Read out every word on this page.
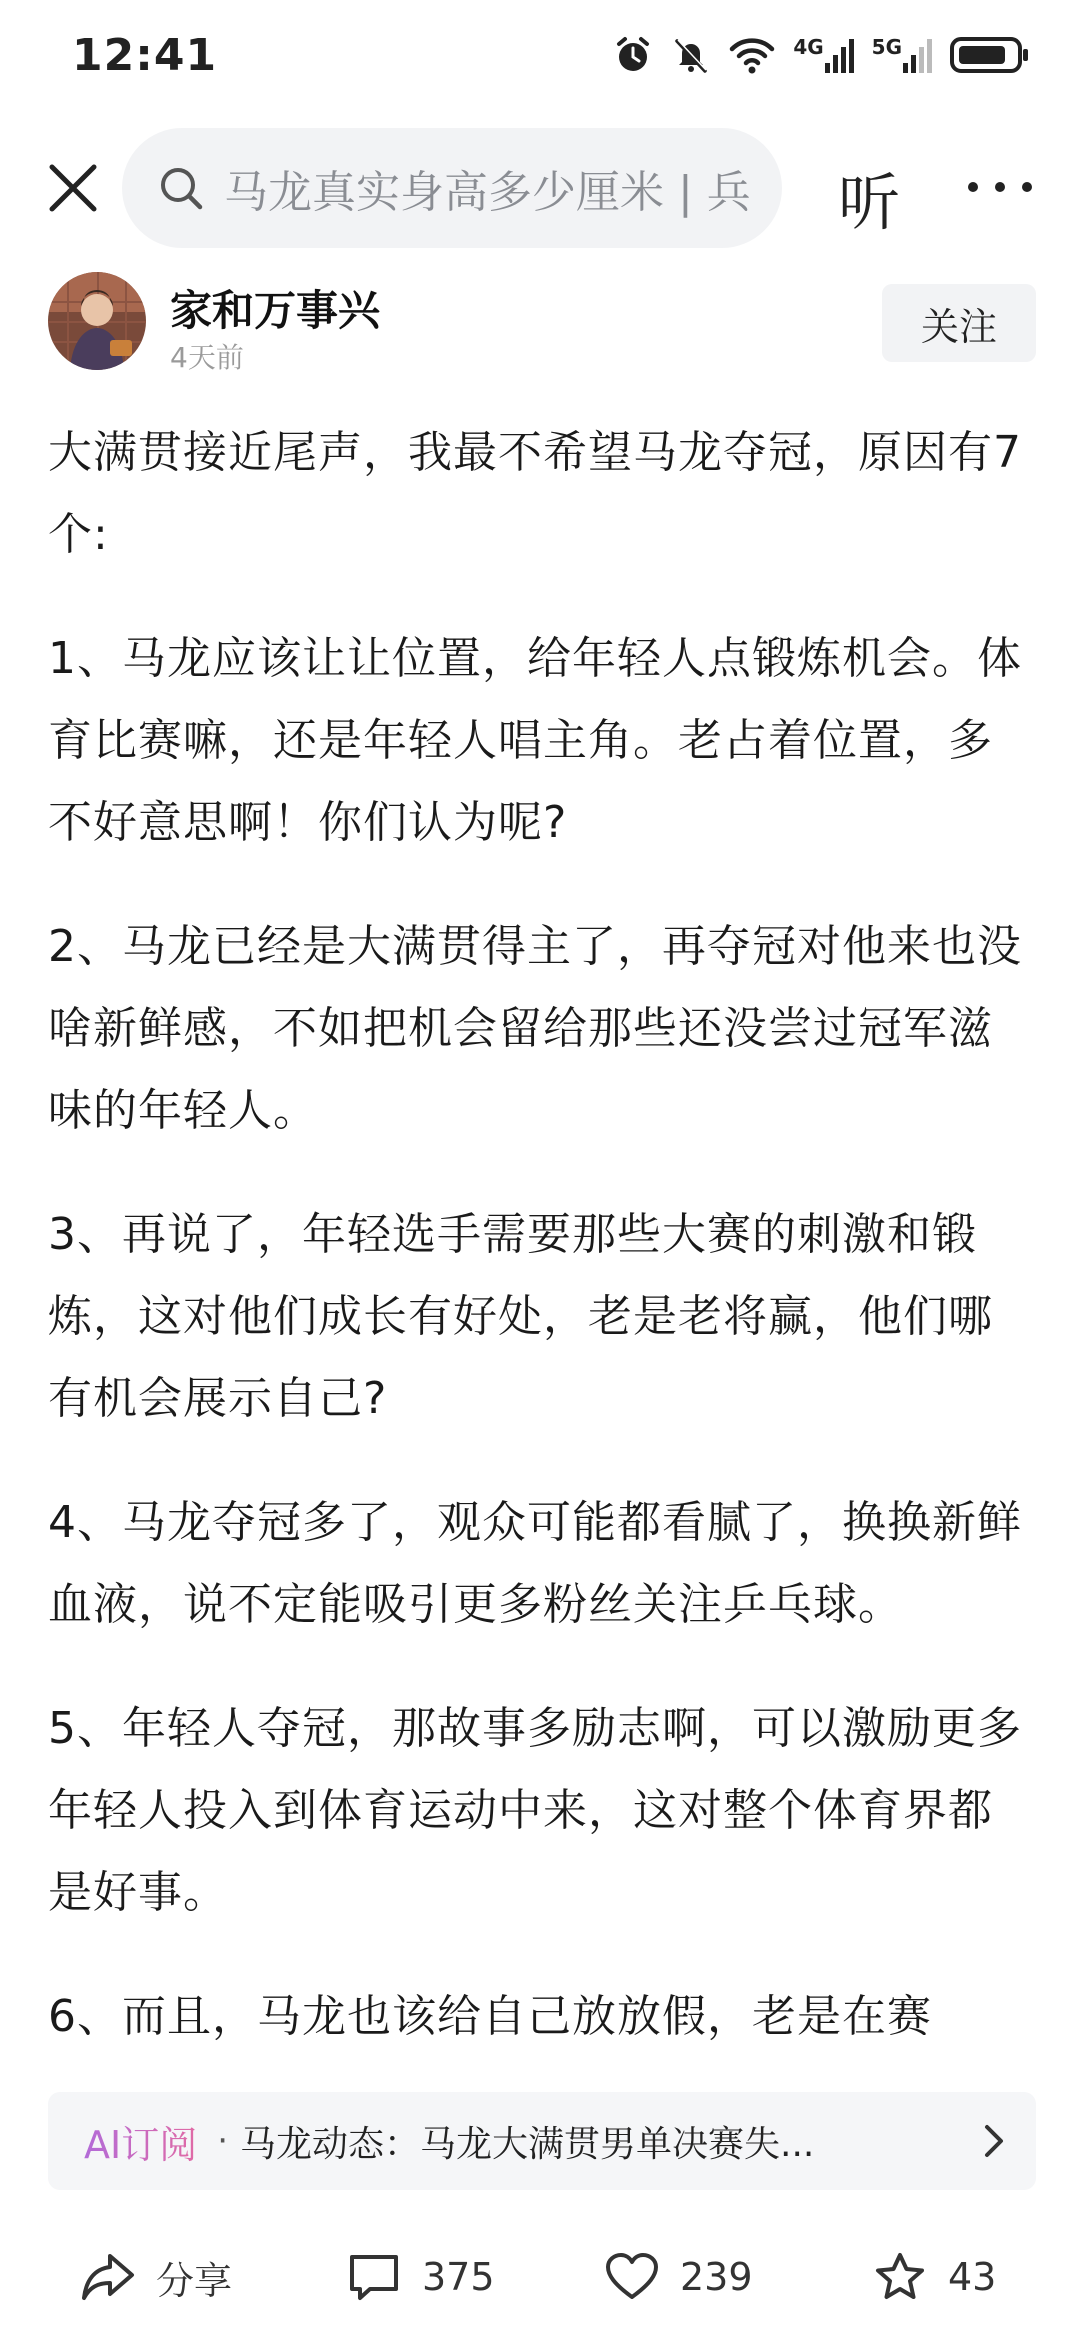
12:41	4G 5G
马龙真实身高多少厘米 | 兵 听
家和万事兴
4天前
关注

大满贯接近尾声，我最不希望马龙夺冠，原因有7个:

1、马龙应该让让位置，给年轻人点锻炼机会。体育比赛嘛，还是年轻人唱主角。老占着位置，多不好意思啊！你们认为呢?

2、马龙已经是大满贯得主了，再夺冠对他来也没啥新鲜感，不如把机会留给那些还没尝过冠军滋味的年轻人。

3、再说了，年轻选手需要那些大赛的刺激和锻炼，这对他们成长有好处，老是老将赢，他们哪有机会展示自己?

4、马龙夺冠多了，观众可能都看腻了，换换新鲜血液，说不定能吸引更多粉丝关注乒乓球。

5、年轻人夺冠，那故事多励志啊，可以激励更多年轻人投入到体育运动中来，这对整个体育界都是好事。

6、而且，马龙也该给自己放放假，老是在赛

AI订阅 · 马龙动态：马龙大满贯男单决赛失...
分享	375	239	43
